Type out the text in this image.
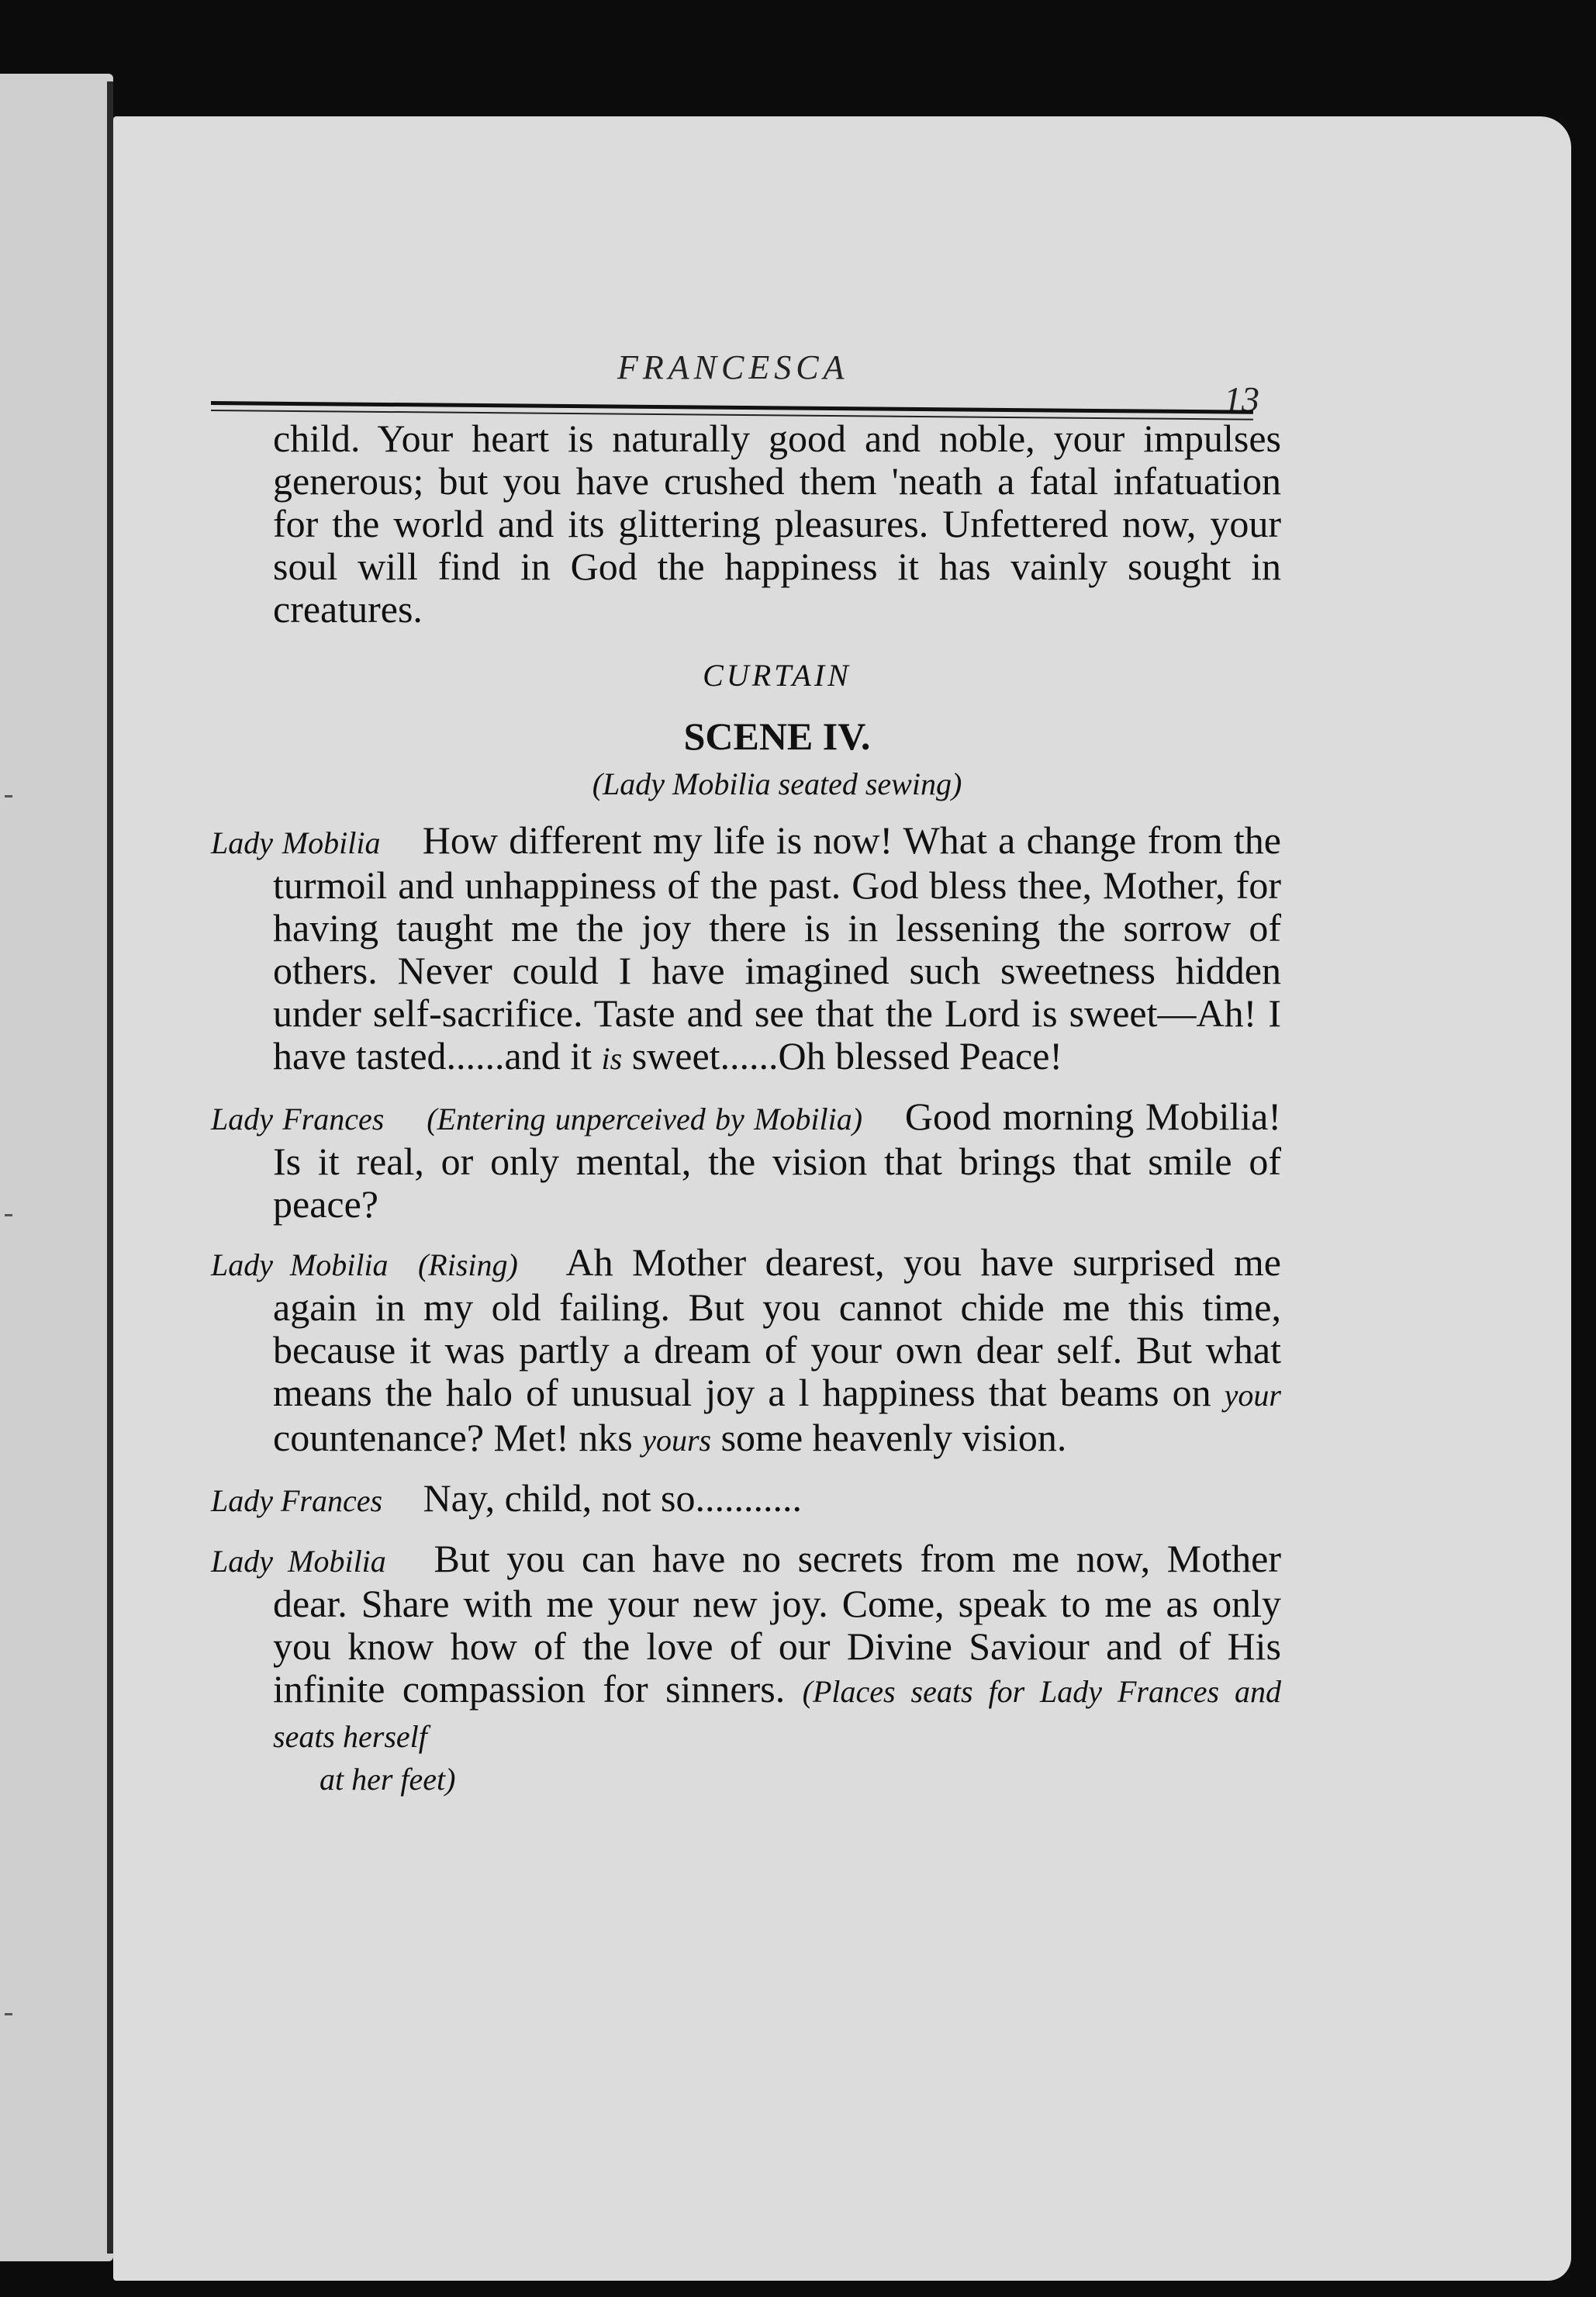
FRANCESCA
13
child. Your heart is naturally good and noble, your impulses generous; but you have crushed them 'neath a fatal infatuation for the world and its glittering pleasures. Unfettered now, your soul will find in God the happiness it has vainly sought in creatures.
CURTAIN
SCENE IV.
(Lady Mobilia seated sewing)
Lady Mobilia How different my life is now! What a change from the turmoil and unhappiness of the past. God bless thee, Mother, for having taught me the joy there is in lessening the sorrow of others. Never could I have imagined such sweetness hidden under self-sacrifice. Taste and see that the Lord is sweet—Ah! I have tasted......and it is sweet......Oh blessed Peace!
Lady Frances (Entering unperceived by Mobilia) Good morning Mobilia! Is it real, or only mental, the vision that brings that smile of peace?
Lady Mobilia (Rising) Ah Mother dearest, you have surprised me again in my old failing. But you cannot chide me this time, because it was partly a dream of your own dear self. But what means the halo of unusual joy a l happiness that beams on your countenance? Met! nks yours some heavenly vision.
Lady Frances Nay, child, not so...........
Lady Mobilia But you can have no secrets from me now, Mother dear. Share with me your new joy. Come, speak to me as only you know how of the love of our Divine Saviour and of His infinite compassion for sinners. (Places seats for Lady Frances and seats herself
at her feet)
